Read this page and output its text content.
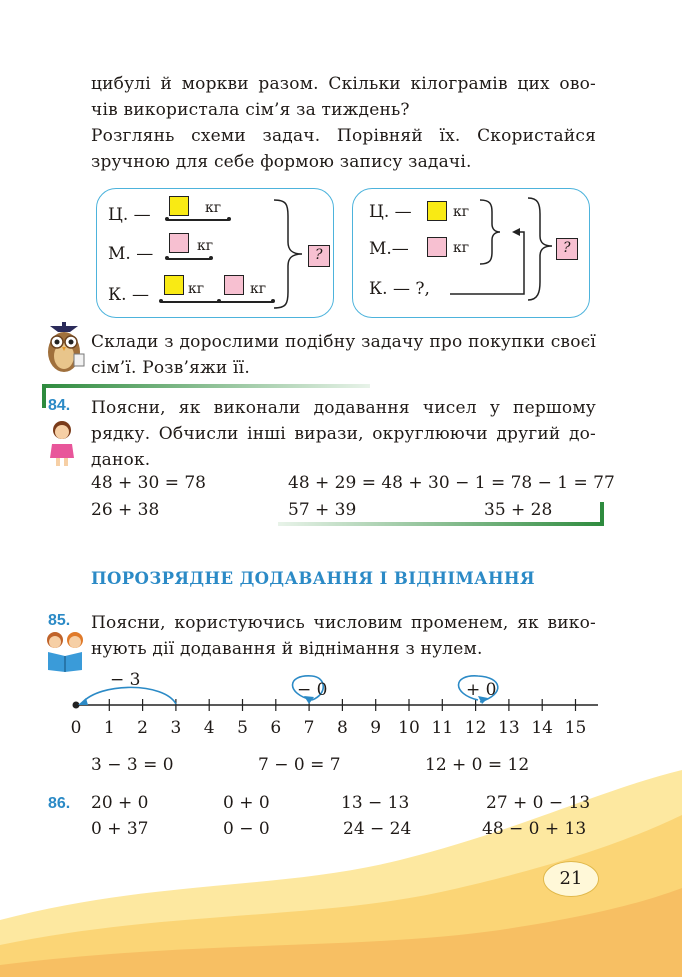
цибулі й моркви разом. Скільки кілограмів цих ово-
чів використала сім’я за тиждень?
Розглянь схеми задач. Порівняй їх. Скористайся
зручною для себе формою запису задачі.
Ц. —	кг
М. —	кг
К. —	кг	кг
?
Ц. —	кг
М.—	кг
К. — ?,
?
Склади з дорослими подібну задачу про покупки своєї
сім’ї. Розв’яжи її.
84. Поясни, як виконали додавання чисел у першому
рядку. Обчисли інші вирази, округлюючи другий до-
данок.
48 + 30 = 78	48 + 29 = 48 + 30 − 1 = 78 − 1 = 77
26 + 38	57 + 39	35 + 28
ПОРОЗРЯДНЕ ДОДАВАННЯ І ВІДНІМАННЯ
85. Поясни, користуючись числовим променем, як вико-
нують дії додавання й віднімання з нулем.
− 3	− 0	+ 0
0	1	2	3	4	5	6	7	8	9	10 11 12 13 14 15
3 − 3 = 0	7 − 0 = 7	12 + 0 = 12
86. 20 + 0	0 + 0	13 − 13	27 + 0 − 13
0 + 37	0 − 0	24 − 24	48 − 0 + 13
21
